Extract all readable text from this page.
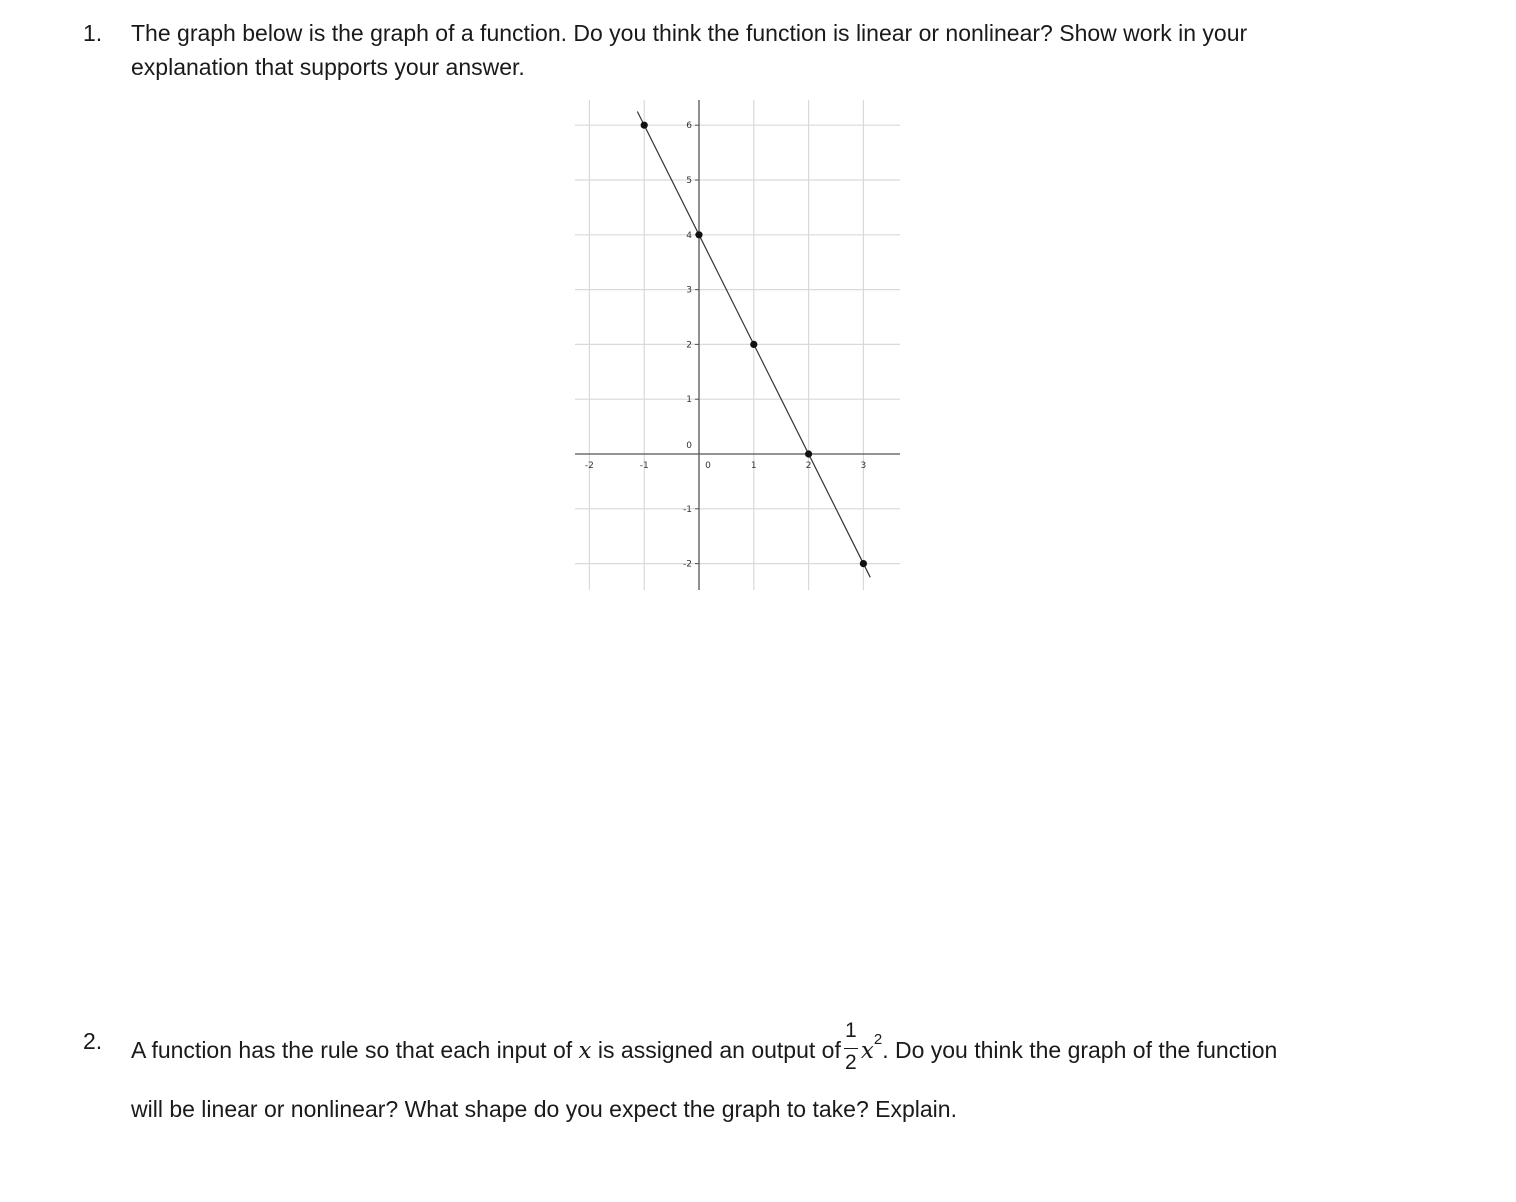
1. The graph below is the graph of a function. Do you think the function is linear or nonlinear? Show work in your
explanation that supports your answer.
-2	-1	0	1	2	3
6
5
4
3
2
1
0
-1
-2
2. A function has the rule so that each input of x is assigned an output of $\frac{1}{2} x^2$. Do you think the graph of the function
will be linear or nonlinear? What shape do you expect the graph to take? Explain.
